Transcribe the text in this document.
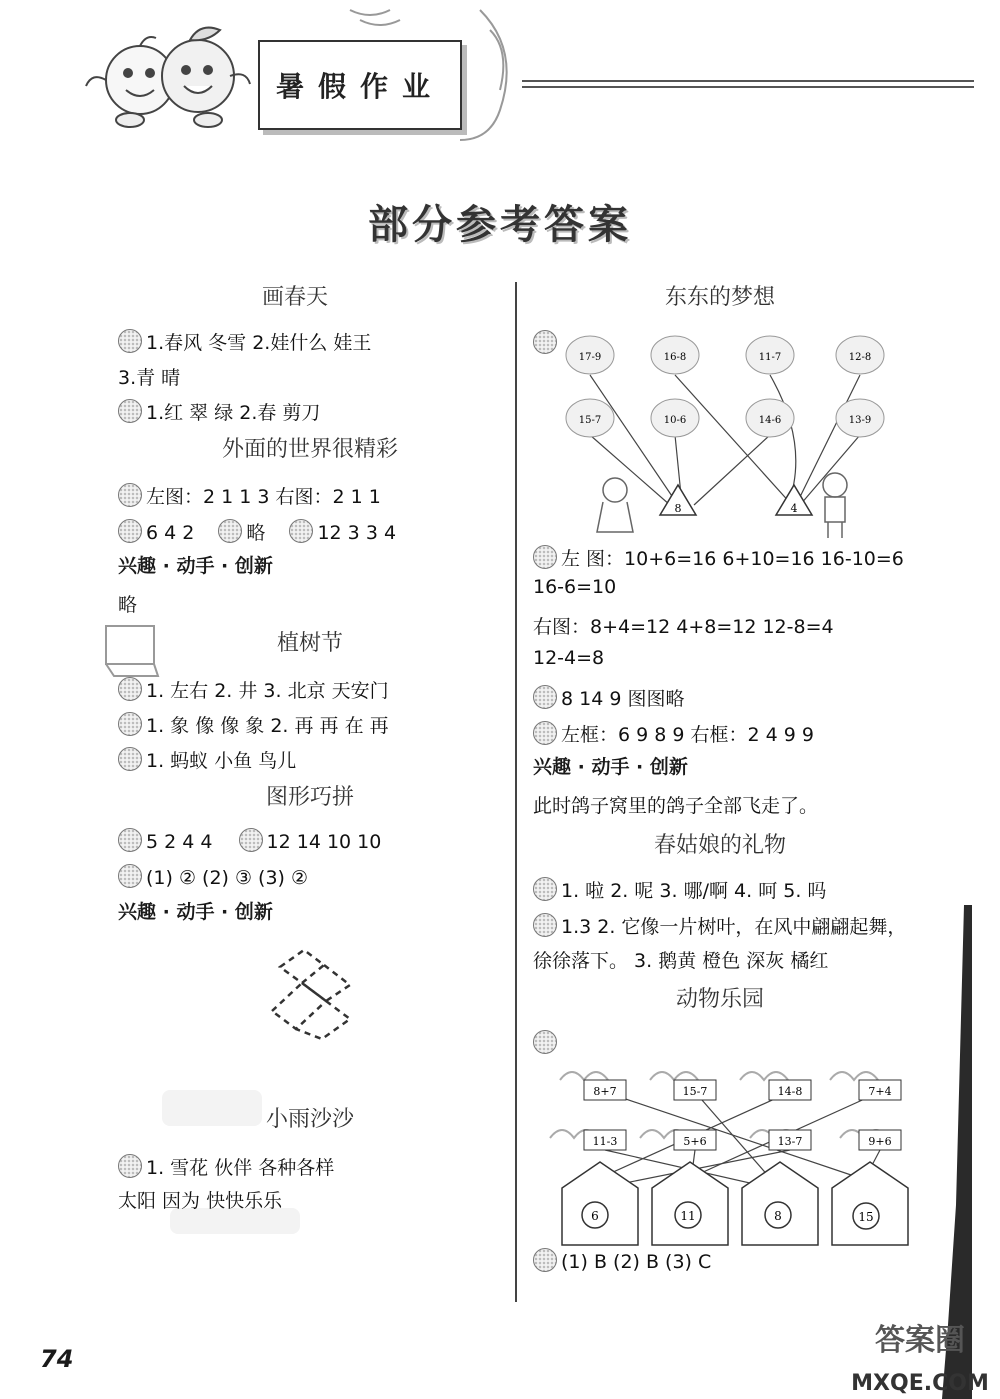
暑假作业
部分参考答案
画春天
1.春风 冬雪 2.娃什么 娃王
3.青 晴
1.红 翠 绿 2.春 剪刀
外面的世界很精彩
左图：2 1 1 3 右图：2 1 1
6 4 2	略	12 3 3 4
兴趣 · 动手 · 创新
略
植树节
1. 左右 2. 井 3. 北京 天安门
1. 象 像 像 象 2. 再 再 在 再
1. 蚂蚁 小鱼 鸟儿
图形巧拼
5 2 4 4	12 14 10 10
(1) ② (2) ③ (3) ②
兴趣 · 动手 · 创新
小雨沙沙
1. 雪花 伙伴 各种各样
太阳 因为 快快乐乐
74
东东的梦想
17-9	16-8	11-7	12-8
15-7	10-6	14-6	13-9
8	4
左 图：10+6=16 6+10=16 16-10=6
16-6=10
右图：8+4=12 4+8=12 12-8=4
12-4=8
8 14 9 图图略
左框：6 9 8 9 右框：2 4 9 9
兴趣 · 动手 · 创新
此时鸽子窝里的鸽子全部飞走了。
春姑娘的礼物
1. 啦 2. 呢 3. 哪/啊 4. 呵 5. 吗
1.3 2. 它像一片树叶，在风中翩翩起舞，
徐徐落下。 3. 鹅黄 橙色 深灰 橘红
动物乐园
8+7	15-7	14-8	7+4
11-3	5+6	13-7	9+6
6	11	8	15
(1) B (2) B (3) C
答案圈
MXQE.COM
